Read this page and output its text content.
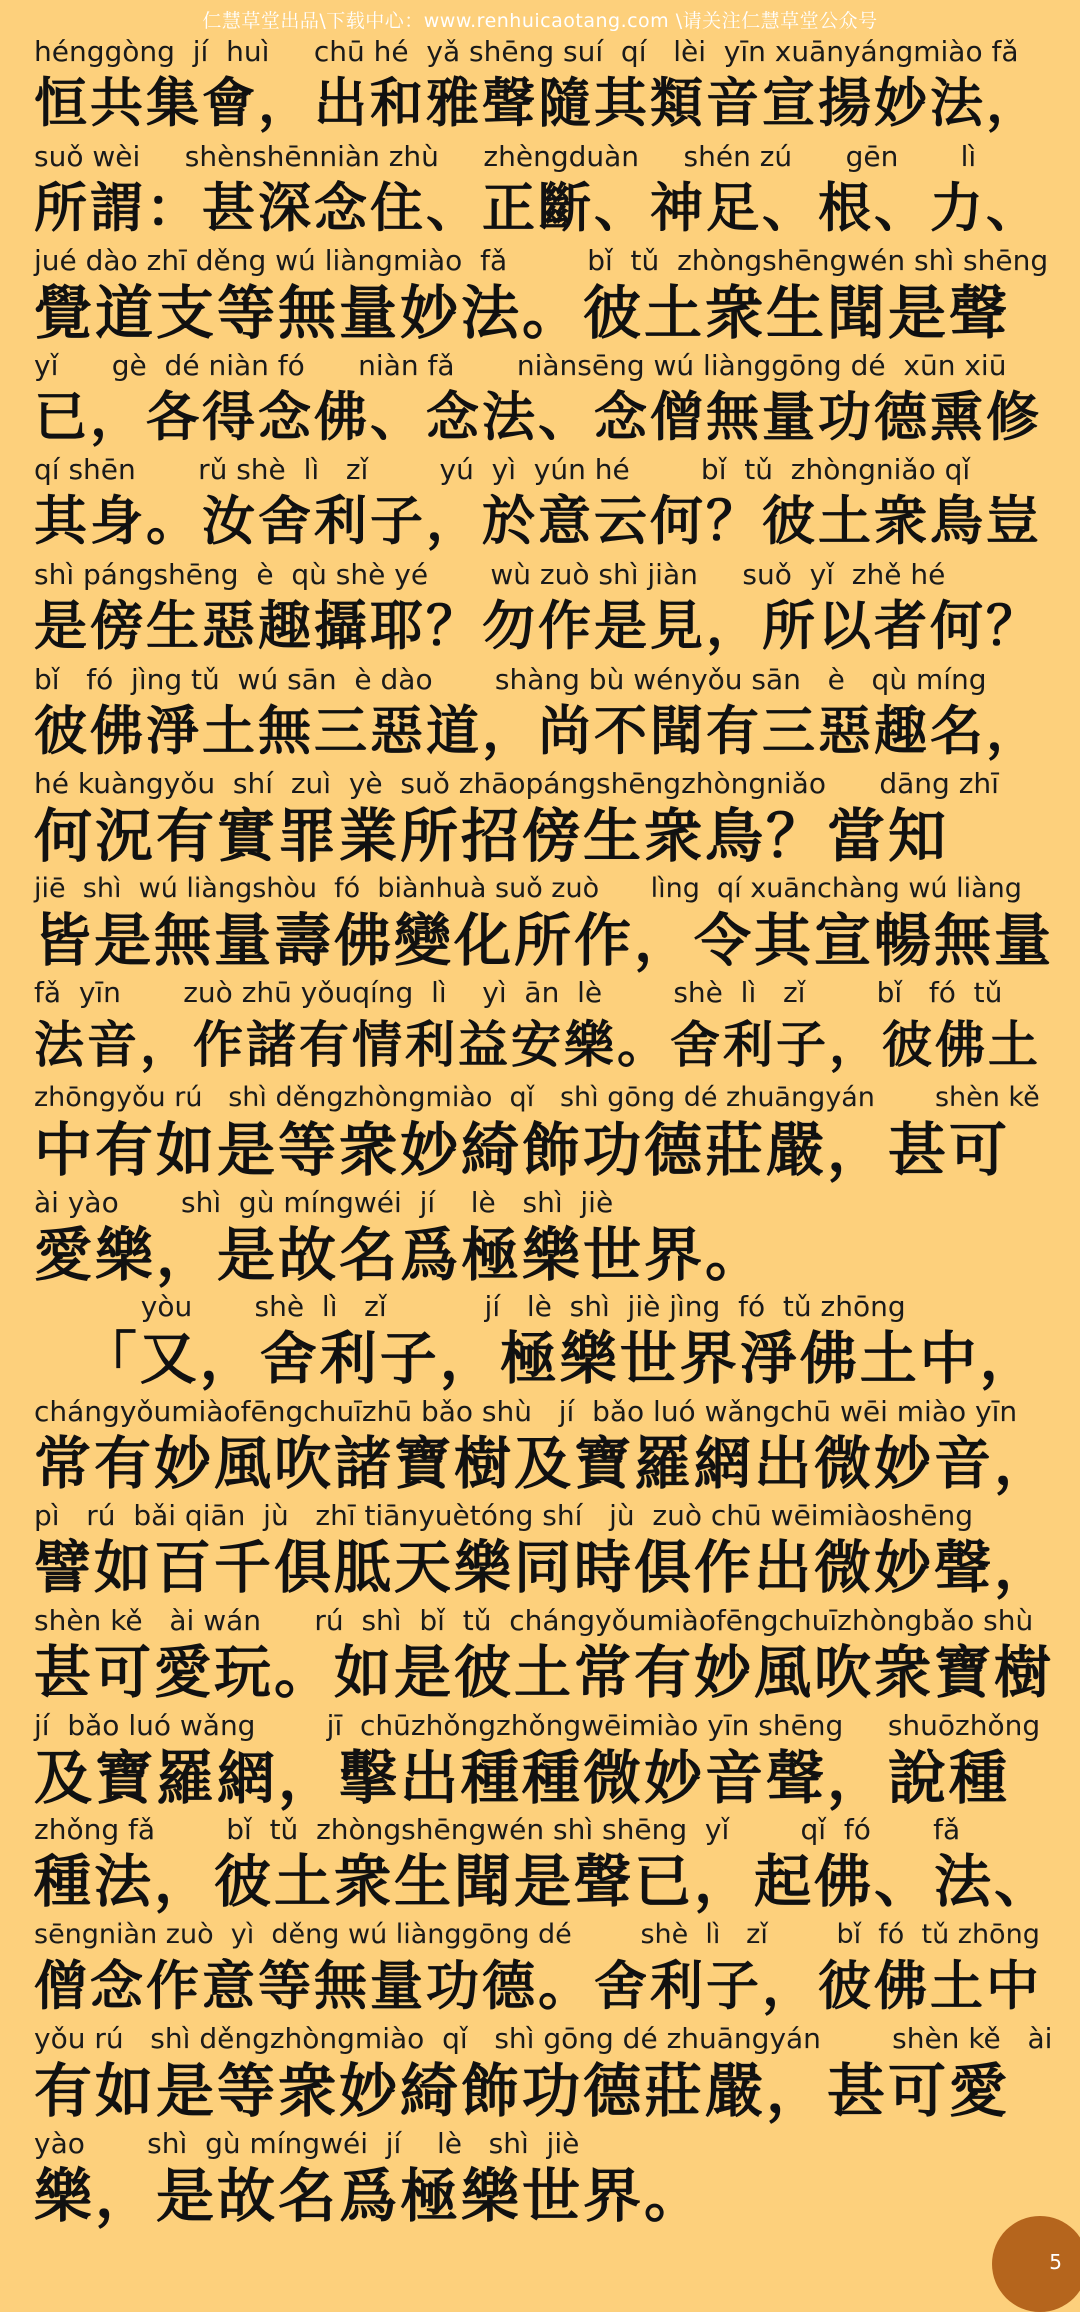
仁慧草堂出品\下载中心：www.renhuicaotang.com \请关注仁慧草堂公众号
hénggòng  jí  huì     chū hé  yǎ shēng suí  qí   lèi  yīn xuānyángmiào fǎ
恒共集會，出和雅聲隨其類音宣揚妙法，
suǒ wèi     shènshēnniàn zhù     zhèngduàn     shén zú      gēn       lì
所謂：甚深念住、正斷、神足、根、力、
jué dào zhī děng wú liàngmiào  fǎ         bǐ  tǔ  zhòngshēngwén shì shēng
覺道支等無量妙法。彼土衆生聞是聲
yǐ      gè  dé niàn fó      niàn fǎ       niànsēng wú liànggōng dé  xūn xiū
已，各得念佛、念法、念僧無量功德熏修
qí shēn       rǔ shè  lì   zǐ        yú  yì  yún hé        bǐ  tǔ  zhòngniǎo qǐ
其身。汝舍利子，於意云何？彼土衆鳥豈
shì pángshēng  è  qù shè yé       wù zuò shì jiàn     suǒ  yǐ  zhě hé
是傍生惡趣攝耶？勿作是見，所以者何？
bǐ   fó  jìng tǔ  wú sān  è dào       shàng bù wényǒu sān   è   qù míng
彼佛淨土無三惡道，尚不聞有三惡趣名，
hé kuàngyǒu  shí  zuì  yè  suǒ zhāopángshēngzhòngniǎo      dāng zhī
何況有實罪業所招傍生衆鳥？當知
jiē  shì  wú liàngshòu  fó  biànhuà suǒ zuò      lìng  qí xuānchàng wú liàng
皆是無量壽佛變化所作，令其宣暢無量
fǎ  yīn       zuò zhū yǒuqíng  lì    yì  ān  lè        shè  lì   zǐ        bǐ   fó  tǔ
法音，作諸有情利益安樂。舍利子，彼佛土
zhōngyǒu rú   shì děngzhòngmiào  qǐ   shì gōng dé zhuāngyán       shèn kě
中有如是等衆妙綺飾功德莊嚴，甚可
ài yào       shì  gù míngwéi  jí    lè   shì  jiè
愛樂，是故名爲極樂世界。
yòu       shè  lì   zǐ           jí   lè  shì  jiè jìng  fó  tǔ zhōng
「又，舍利子，極樂世界淨佛土中，
chángyǒumiàofēngchuīzhū bǎo shù   jí  bǎo luó wǎngchū wēi miào yīn
常有妙風吹諸寶樹及寶羅網出微妙音，
pì   rú  bǎi qiān  jù   zhī tiānyuètóng shí   jù  zuò chū wēimiàoshēng
譬如百千俱胝天樂同時俱作出微妙聲，
shèn kě   ài wán      rú  shì  bǐ  tǔ  chángyǒumiàofēngchuīzhòngbǎo shù
甚可愛玩。如是彼土常有妙風吹衆寶樹
jí  bǎo luó wǎng        jī  chūzhǒngzhǒngwēimiào yīn shēng     shuōzhǒng
及寶羅網，擊出種種微妙音聲，說種
zhǒng fǎ        bǐ  tǔ  zhòngshēngwén shì shēng  yǐ        qǐ  fó       fǎ
種法，彼土衆生聞是聲已，起佛、法、
sēngniàn zuò  yì  děng wú liànggōng dé        shè  lì   zǐ        bǐ  fó  tǔ zhōng
僧念作意等無量功德。舍利子，彼佛土中
yǒu rú   shì děngzhòngmiào  qǐ   shì gōng dé zhuāngyán        shèn kě   ài
有如是等衆妙綺飾功德莊嚴，甚可愛
yào       shì  gù míngwéi  jí    lè   shì  jiè
樂，是故名爲極樂世界。
5
